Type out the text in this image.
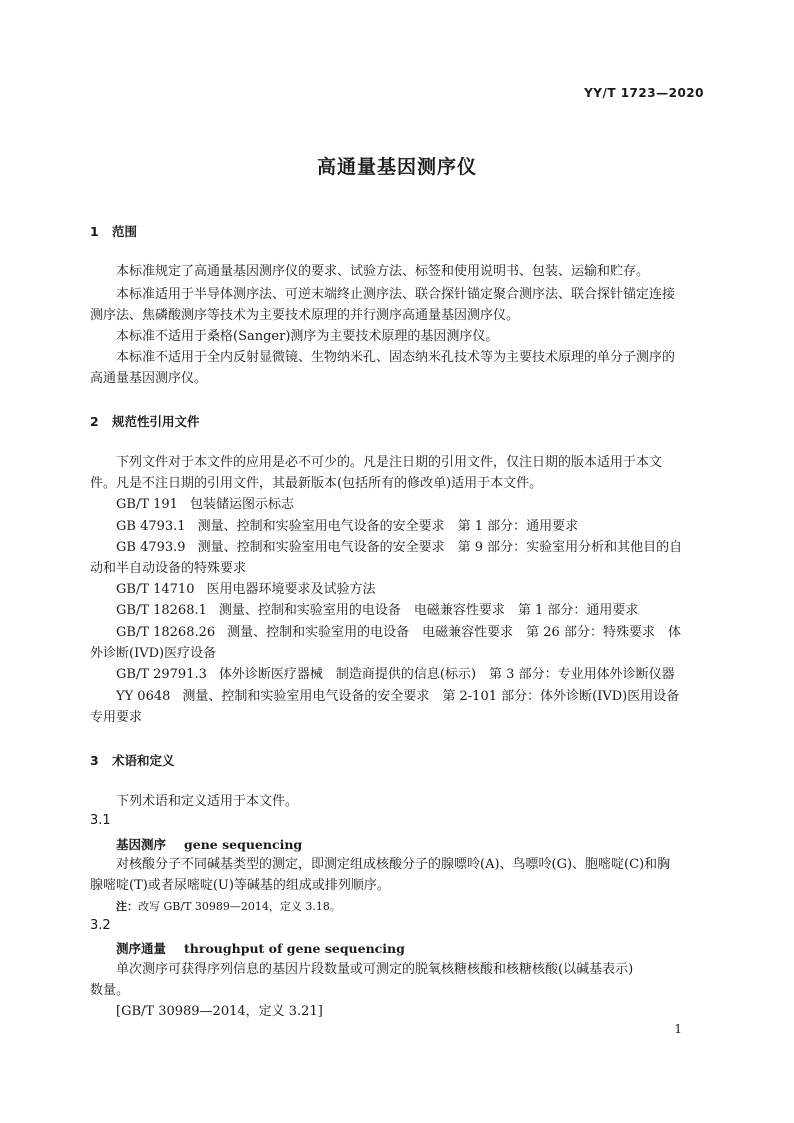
YY/T 1723—2020
高通量基因测序仪
1 范围
本标准规定了高通量基因测序仪的要求、试验方法、标签和使用说明书、包装、运输和贮存。
本标准适用于半导体测序法、可逆末端终止测序法、联合探针锚定聚合测序法、联合探针锚定连接
测序法、焦磷酸测序等技术为主要技术原理的并行测序高通量基因测序仪。
本标准不适用于桑格(Sanger)测序为主要技术原理的基因测序仪。
本标准不适用于全内反射显微镜、生物纳米孔、固态纳米孔技术等为主要技术原理的单分子测序的
高通量基因测序仪。
2 规范性引用文件
下列文件对于本文件的应用是必不可少的。凡是注日期的引用文件，仅注日期的版本适用于本文
件。凡是不注日期的引用文件，其最新版本(包括所有的修改单)适用于本文件。
GB/T 191 包装储运图示标志
GB 4793.1 测量、控制和实验室用电气设备的安全要求　第 1 部分：通用要求
GB 4793.9 测量、控制和实验室用电气设备的安全要求　第 9 部分：实验室用分析和其他目的自
动和半自动设备的特殊要求
GB/T 14710 医用电器环境要求及试验方法
GB/T 18268.1 测量、控制和实验室用的电设备　电磁兼容性要求　第 1 部分：通用要求
GB/T 18268.26 测量、控制和实验室用的电设备　电磁兼容性要求　第 26 部分：特殊要求　体
外诊断(IVD)医疗设备
GB/T 29791.3 体外诊断医疗器械　制造商提供的信息(标示)　第 3 部分：专业用体外诊断仪器
YY 0648 测量、控制和实验室用电气设备的安全要求　第 2-101 部分：体外诊断(IVD)医用设备
专用要求
3 术语和定义
下列术语和定义适用于本文件。
3.1
基因测序 gene sequencing
对核酸分子不同碱基类型的测定，即测定组成核酸分子的腺嘌呤(A)、鸟嘌呤(G)、胞嘧啶(C)和胸
腺嘧啶(T)或者尿嘧啶(U)等碱基的组成或排列顺序。
注：改写 GB/T 30989—2014，定义 3.18。
3.2
测序通量 throughput of gene sequencing
单次测序可获得序列信息的基因片段数量或可测定的脱氧核糖核酸和核糖核酸(以碱基表示)
数量。
[GB/T 30989—2014，定义 3.21]
1
